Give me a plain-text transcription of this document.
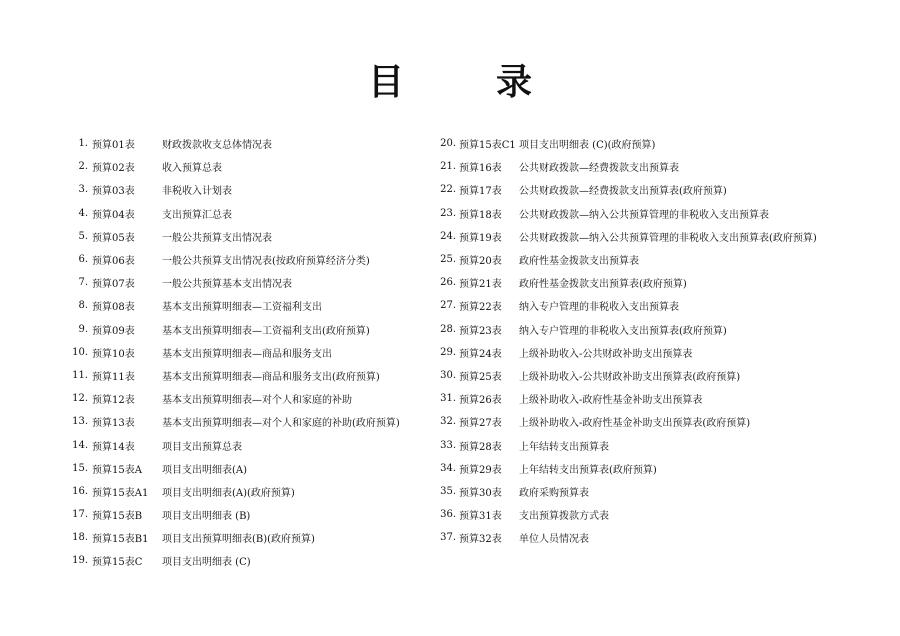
目　录
1. 预算01表	财政拨款收支总体情况表
2. 预算02表	收入预算总表
3. 预算03表	非税收入计划表
4. 预算04表	支出预算汇总表
5. 预算05表	一般公共预算支出情况表
6. 预算06表	一般公共预算支出情况表(按政府预算经济分类)
7. 预算07表	一般公共预算基本支出情况表
8. 预算08表	基本支出预算明细表—工资福利支出
9. 预算09表	基本支出预算明细表—工资福利支出(政府预算)
10. 预算10表	基本支出预算明细表—商品和服务支出
11. 预算11表	基本支出预算明细表—商品和服务支出(政府预算)
12. 预算12表	基本支出预算明细表—对个人和家庭的补助
13. 预算13表	基本支出预算明细表—对个人和家庭的补助(政府预算)
14. 预算14表	项目支出预算总表
15. 预算15表A	项目支出明细表(A)
16. 预算15表A1	项目支出明细表(A)(政府预算)
17. 预算15表B	项目支出明细表 (B)
18. 预算15表B1	项目支出预算明细表(B)(政府预算)
19. 预算15表C	项目支出明细表 (C)
20. 预算15表C1 项目支出明细表 (C)(政府预算)
21. 预算16表	公共财政拨款—经费拨款支出预算表
22. 预算17表	公共财政拨款—经费拨款支出预算表(政府预算)
23. 预算18表	公共财政拨款—纳入公共预算管理的非税收入支出预算表
24. 预算19表	公共财政拨款—纳入公共预算管理的非税收入支出预算表(政府预算)
25. 预算20表	政府性基金拨款支出预算表
26. 预算21表	政府性基金拨款支出预算表(政府预算)
27. 预算22表	纳入专户管理的非税收入支出预算表
28. 预算23表	纳入专户管理的非税收入支出预算表(政府预算)
29. 预算24表	上级补助收入-公共财政补助支出预算表
30. 预算25表	上级补助收入-公共财政补助支出预算表(政府预算)
31. 预算26表	上级补助收入-政府性基金补助支出预算表
32. 预算27表	上级补助收入-政府性基金补助支出预算表(政府预算)
33. 预算28表	上年结转支出预算表
34. 预算29表	上年结转支出预算表(政府预算)
35. 预算30表	政府采购预算表
36. 预算31表	支出预算拨款方式表
37. 预算32表	单位人员情况表
